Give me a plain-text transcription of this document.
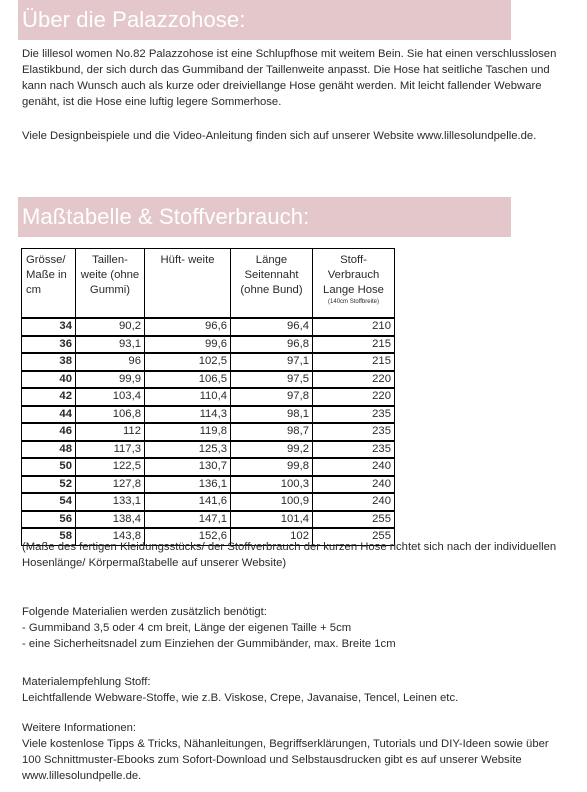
Über die Palazzohose:

Die lillesol women No.82 Palazzohose ist eine Schlupfhose mit weitem Bein. Sie hat einen verschlusslosen Elastikbund, der sich durch das Gummiband der Taillenweite anpasst. Die Hose hat seitliche Taschen und kann nach Wunsch auch als kurze oder dreiviellange Hose genäht werden. Mit leicht fallender Webware genäht, ist die Hose eine luftig legere Sommerhose.

Viele Designbeispiele und die Video-Anleitung finden sich auf unserer Website www.lillesolundpelle.de.

Maßtabelle & Stoffverbrauch:
Grösse/ Maße in cm	Taillen- weite (ohne Gummi)	Hüft- weite	Länge Seitennaht (ohne Bund)	Stoff- Verbrauch Lange Hose
(140cm Stoffbreite)

34	90,2	96,6	96,4	210
36	93,1	99,6	96,8	215
38	96	102,5	97,1	215
40	99,9	106,5	97,5	220
42	103,4	110,4	97,8	220
44	106,8	114,3	98,1	235
46	112	119,8	98,7	235
48	117,3	125,3	99,2	235
50	122,5	130,7	99,8	240
52	127,8	136,1	100,3	240
54	133,1	141,6	100,9	240
56	138,4	147,1	101,4	255
58	143,8	152,6	102	255

(Maße des fertigen Kleidungsstücks/ der Stoffverbrauch der kurzen Hose richtet sich nach der individuellen Hosenlänge/ Körpermaßtabelle auf unserer Website)

Folgende Materialien werden zusätzlich benötigt:
- Gummiband 3,5 oder 4 cm breit, Länge der eigenen Taille + 5cm
- eine Sicherheitsnadel zum Einziehen der Gummibänder, max. Breite 1cm
Materialempfehlung Stoff:
Leichtfallende Webware-Stoffe, wie z.B. Viskose, Crepe, Javanaise, Tencel, Leinen etc.
Weitere Informationen:
Viele kostenlose Tipps & Tricks, Nähanleitungen, Begriffserklärungen, Tutorials und DIY-Ideen sowie über 100 Schnittmuster-Ebooks zum Sofort-Download und Selbstausdrucken gibt es auf unserer Website www.lillesolundpelle.de.
